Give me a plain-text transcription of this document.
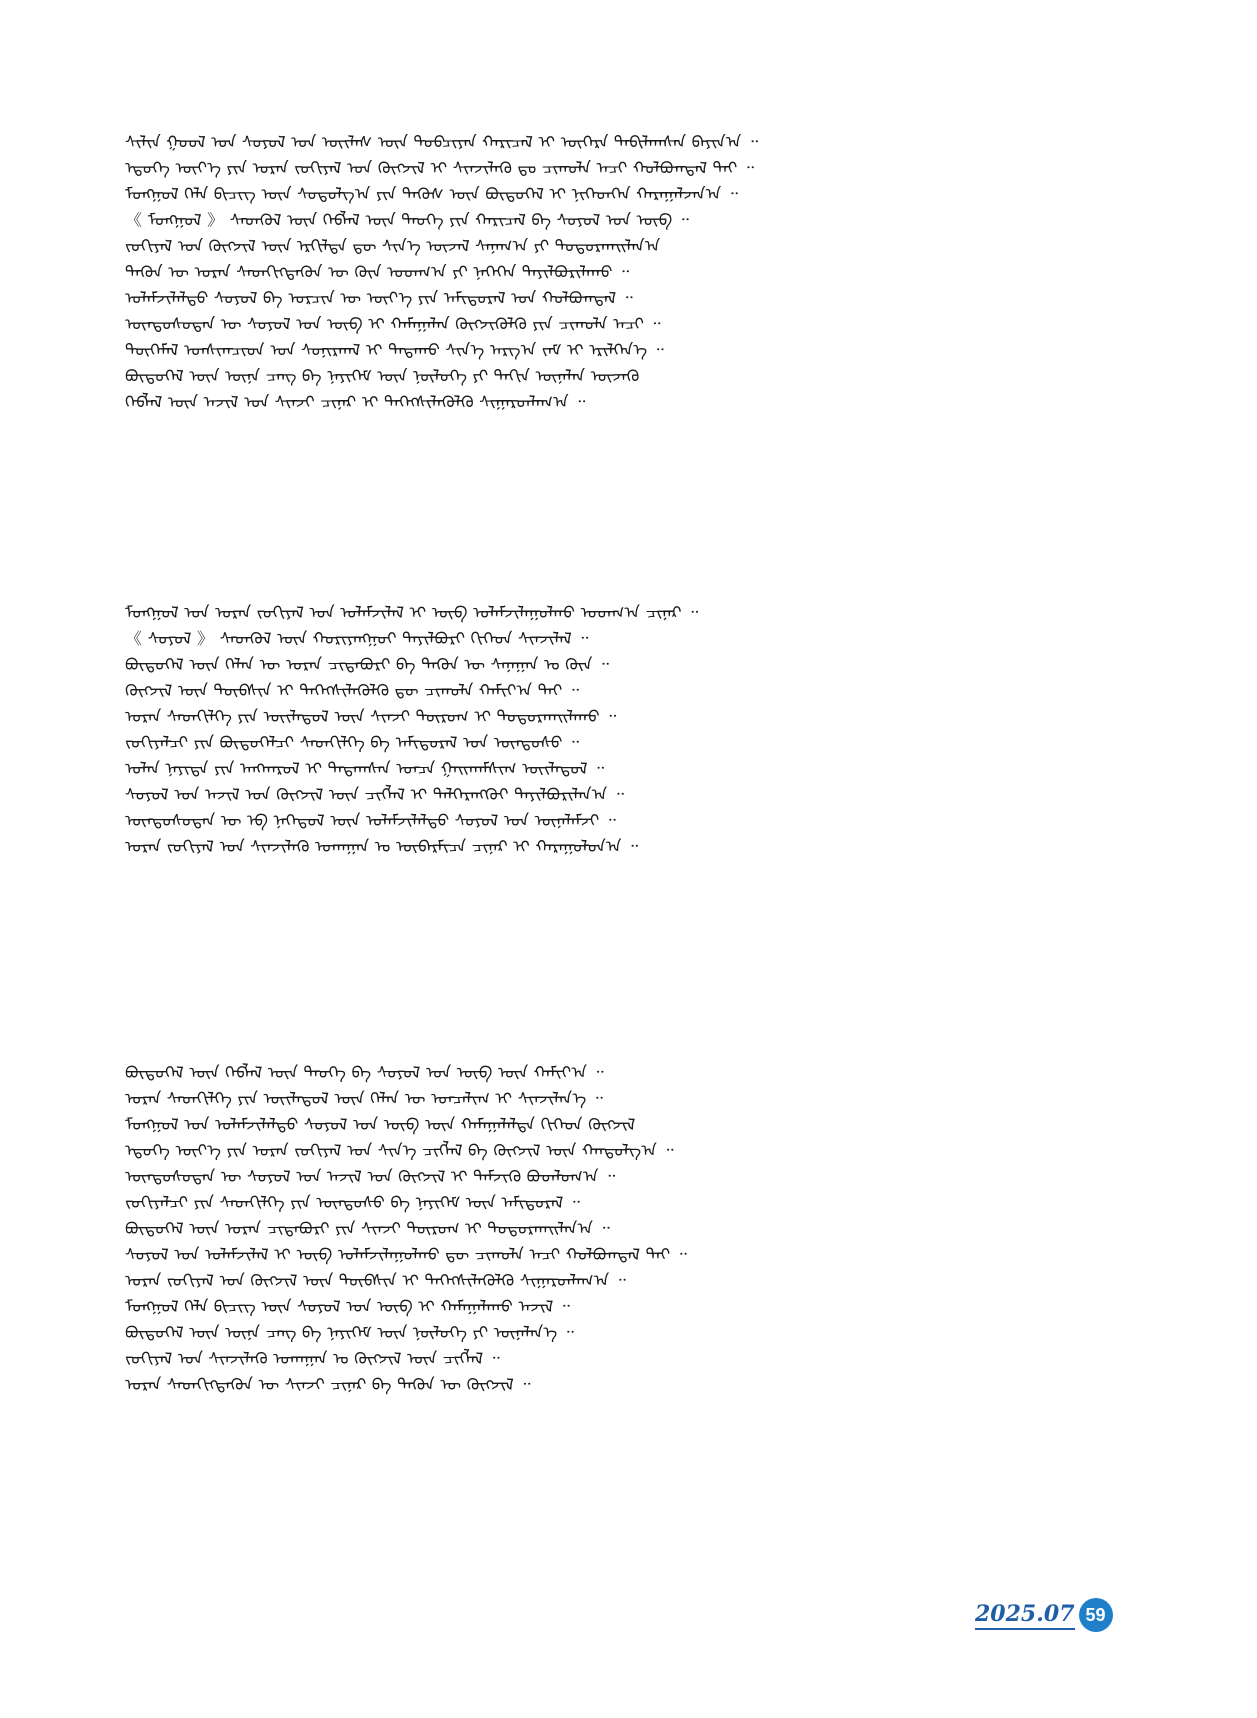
ᠰᠢᠯᠢᠨ ᠭᠣᠣᠯ ᠤᠨ ᠰᠣᠶᠣᠯ ᠤᠨ ᠦᠢᠯᠡᠰ ᠦᠨ ᠲᠣᠪᠴᠢᠶᠠᠨ ᠬᠠᠷᠢᠴᠠᠯ ᠢ ᠦᠭᠡᠷᠡ ᠲᠠᠪᠢᠯᠠᠭᠰᠠᠨ ᠪᠠᠶᠢᠨ᠎ᠠ ᠃
ᠡᠳᠦᠭᠡ ᠦᠶ᠎ᠡ ᠶᠢᠨ ᠤᠷᠠᠨ ᠵᠣᠬᠢᠶᠠᠯ ᠤᠨ ᠬᠥᠭᠵᠢᠯ ᠢ ᠰᠢᠨᠵᠢᠯᠡᠬᠦ ᠳᠤ ᠴᠢᠬᠤᠯᠠ ᠠᠴᠢ ᠬᠣᠯᠪᠣᠭᠳᠠᠯ ᠲᠠᠢ ᠃
ᠮᠣᠩᠭᠣᠯ ᠬᠡᠯᠡ ᠪᠢᠴᠢᠭ ᠦᠨ ᠰᠤᠳᠤᠯᠭ᠎ᠠ ᠶᠢᠨ ᠲᠡᠭᠦᠰ ᠦᠨ ᠪᠦᠲᠦᠭᠡᠯ ᠢ ᠨᠢᠭᠡᠳᠬᠡᠨ ᠬᠠᠷᠠᠭᠠᠯᠵᠠᠨ᠎ᠠ ᠃
《 ᠮᠣᠩᠭᠣᠯ 》 ᠰᠡᠳᠬᠦᠯ ᠦᠨ ᠬᠡᠪᠯᠡᠯ ᠦᠨ ᠲᠡᠦᠬᠡ ᠶᠢᠨ ᠬᠠᠷᠢᠴᠠᠯ ᠪᠠ ᠰᠣᠶᠣᠯ ᠤᠨ ᠥᠪ ᠃
ᠵᠣᠬᠢᠶᠠᠯ ᠤᠨ ᠬᠥᠭᠵᠢᠯ ᠦᠨ ᠡᠷᠭᠢᠯᠲᠡ ᠳᠦ ᠰᠢᠨ᠎ᠡ ᠦᠵᠡᠯ ᠰᠠᠨᠠᠭ᠎ᠠ ᠶᠢ ᠲᠣᠳᠤᠷᠬᠠᠢᠯᠠᠨ᠎ᠠ
ᠲᠡᠭᠦᠨ ᠦ ᠤᠷᠠᠨ ᠰᠡᠳᠬᠢᠭᠳᠡᠬᠦᠨ ᠦ ᠭᠦᠨ ᠤᠳᠬ᠎ᠠ ᠶᠢ ᠨᠡᠭᠡᠭᠡᠨ ᠲᠠᠶᠢᠯᠪᠤᠷᠢᠯᠠᠬᠤ ᠃
ᠤᠯᠠᠮᠵᠢᠯᠠᠯᠲᠤ ᠰᠣᠶᠣᠯ ᠪᠠ ᠣᠷᠴᠢᠨ ᠦ ᠦᠶ᠎ᠡ ᠶᠢᠨ ᠠᠮᠢᠳᠤᠷᠠᠯ ᠤᠨ ᠬᠣᠯᠪᠣᠭᠳᠠᠯ ᠃
ᠦᠨᠳᠦᠰᠦᠲᠡᠨ ᠦ ᠰᠣᠶᠣᠯ ᠤᠨ ᠥᠪ ᠢ ᠬᠠᠮᠠᠭᠠᠯᠠᠨ ᠬᠥᠭᠵᠢᠭᠦᠯᠬᠦ ᠶᠢᠨ ᠴᠢᠬᠤᠯᠠ ᠠᠴᠢ ᠃
ᠲᠦᠭᠡᠮᠡᠯ ᠤᠨᠰᠢᠭᠴᠢᠳ ᠤᠨ ᠰᠣᠨᠢᠷᠬᠠᠯ ᠢ ᠲᠠᠲᠠᠬᠤ ᠰᠢᠨ᠎ᠡ ᠠᠷᠭ᠎ᠠ ᠵᠠᠮ ᠢ ᠡᠷᠢᠯᠬᠡᠨ᠎ᠡ ᠃
ᠪᠦᠲᠦᠭᠡᠯ ᠦᠨ ᠦᠨᠡ ᠴᠡᠩ ᠪᠠ ᠨᠡᠶᠢᠭᠡᠮ ᠦᠨ ᠨᠥᠯᠥᠭᠡ ᠶᠢ ᠳᠠᠬᠢᠨ ᠦᠨᠡᠯᠡᠨ ᠦᠵᠡᠬᠦ
ᠬᠡᠪᠯᠡᠯ ᠦᠨ ᠠᠵᠢᠯ ᠤᠨ ᠰᠢᠨᠵᠢ ᠴᠢᠨᠠᠷ ᠢ ᠳᠡᠭᠡᠭᠰᠢᠯᠡᠭᠦᠯᠬᠦ ᠰᠢᠭᠠᠷᠳᠯᠠᠭ᠎ᠠ ᠃
ᠮᠣᠩᠭᠣᠯ ᠤᠨ ᠤᠷᠠᠨ ᠵᠣᠬᠢᠶᠠᠯ ᠤᠨ ᠤᠯᠠᠮᠵᠢᠯᠠᠯ ᠢ ᠥᠪ ᠤᠯᠠᠮᠵᠢᠯᠠᠭᠤᠯᠬᠤ ᠤᠳᠬ᠎ᠠ ᠴᠢᠨᠠᠷ ᠃
《 ᠰᠣᠶᠣᠯ 》 ᠰᠡᠳᠬᠦᠯ ᠦᠨ ᠬᠣᠷᠢᠶᠠᠩᠭᠤᠢ ᠲᠠᠶᠢᠯᠪᠤᠷᠢ ᠬᠢᠭᠡᠳ ᠰᠢᠨᠵᠢᠯᠡᠯ ᠃
ᠪᠦᠲᠦᠭᠡᠯ ᠦᠨ ᠬᠡᠯᠡᠨ ᠦ ᠤᠷᠠᠨ ᠴᠢᠳᠠᠪᠤᠷᠢ ᠪᠠ ᠲᠡᠭᠦᠨ ᠦ ᠰᠠᠨᠠᠭᠠᠨ ᠤ ᠭᠦᠨ ᠃
ᠬᠥᠭᠵᠢᠯ ᠦᠨ ᠲᠦᠪᠰᠢᠨ ᠢ ᠳᠡᠭᠡᠭᠰᠢᠯᠡᠭᠦᠯᠬᠦ ᠳᠦ ᠴᠢᠬᠤᠯᠠ ᠬᠠᠮᠢᠶ᠎ᠠ ᠲᠠᠢ ᠃
ᠤᠷᠠᠨ ᠰᠡᠳᠬᠢᠯᠭᠡ ᠶᠢᠨ ᠦᠢᠯᠡᠳᠦᠯ ᠦᠨ ᠰᠢᠨᠵᠢ ᠲᠥᠷᠦᠬ ᠢ ᠲᠣᠳᠤᠷᠬᠠᠢᠯᠠᠬᠤ ᠃
ᠵᠣᠬᠢᠶᠠᠯᠴᠢ ᠶᠢᠨ ᠪᠦᠲᠦᠭᠡᠯᠴᠢ ᠰᠡᠳᠬᠢᠯᠭᠡ ᠪᠠ ᠠᠮᠢᠳᠤᠷᠠᠯ ᠤᠨ ᠦᠨᠳᠦᠰᠦ ᠃
ᠣᠯᠠᠨ ᠨᠡᠶᠢᠲᠡ ᠶᠢᠨ ᠠᠩᠬᠠᠷᠤᠯ ᠢ ᠲᠠᠲᠠᠭᠰᠠᠨ ᠣᠨᠴᠠ ᠭᠠᠢᠬᠠᠮᠰᠢᠭ ᠦᠢᠯᠡᠳᠦᠯ ᠃
ᠰᠣᠶᠣᠯ ᠤᠨ ᠠᠵᠢᠯ ᠤᠨ ᠬᠥᠭᠵᠢᠯ ᠦᠨ ᠴᠢᠭᠯᠡᠯ ᠢ ᠳᠡᠯᠭᠡᠷᠡᠩᠭᠦᠢ ᠲᠠᠶᠢᠯᠪᠤᠷᠢᠯᠠᠨ᠎ᠠ ᠃
ᠦᠨᠳᠦᠰᠦᠲᠡᠨ ᠦ ᠡᠪ ᠨᠡᠭᠡᠳᠦᠯ ᠦᠨ ᠤᠯᠠᠮᠵᠢᠯᠠᠯᠲᠤ ᠰᠣᠶᠣᠯ ᠤᠨ ᠦᠨᠡᠯᠡᠮᠵᠢ ᠃
ᠤᠷᠠᠨ ᠵᠣᠬᠢᠶᠠᠯ ᠤᠨ ᠰᠢᠨᠵᠢᠯᠡᠬᠦ ᠤᠬᠠᠭᠠᠨ ᠤ ᠥᠪᠡᠷᠮᠢᠴᠡ ᠴᠢᠨᠠᠷ ᠢ ᠬᠠᠷᠠᠭᠤᠯᠤᠨ᠎ᠠ ᠃
ᠪᠦᠲᠦᠭᠡᠯ ᠦᠨ ᠬᠡᠪᠯᠡᠯ ᠦᠨ ᠲᠡᠦᠬᠡ ᠪᠠ ᠰᠣᠶᠣᠯ ᠤᠨ ᠥᠪ ᠦᠨ ᠬᠠᠮᠢᠶ᠎ᠠ ᠃
ᠤᠷᠠᠨ ᠰᠡᠳᠬᠢᠯᠭᠡ ᠶᠢᠨ ᠦᠢᠯᠡᠳᠦᠯ ᠦᠨ ᠬᠡᠯᠡᠨ ᠦ ᠤᠨᠴᠠᠯᠢᠭ ᠢ ᠰᠢᠨᠵᠢᠯᠡᠨ᠎ᠡ ᠃
ᠮᠣᠩᠭᠣᠯ ᠤᠨ ᠤᠯᠠᠮᠵᠢᠯᠠᠯᠲᠤ ᠰᠣᠶᠣᠯ ᠤᠨ ᠥᠪ ᠦᠨ ᠬᠠᠮᠠᠭᠠᠯᠠᠯᠲᠠ ᠬᠢᠭᠡᠳ ᠬᠥᠭᠵᠢᠯ
ᠡᠳᠦᠭᠡ ᠦᠶ᠎ᠡ ᠶᠢᠨ ᠤᠷᠠᠨ ᠵᠣᠬᠢᠶᠠᠯ ᠤᠨ ᠰᠢᠨ᠎ᠡ ᠴᠢᠭᠯᠡᠯ ᠪᠠ ᠬᠥᠭᠵᠢᠯ ᠦᠨ ᠬᠠᠨᠳᠤᠯᠭ᠎ᠠ ᠃
ᠦᠨᠳᠦᠰᠦᠲᠡᠨ ᠦ ᠰᠣᠶᠣᠯ ᠤᠨ ᠠᠵᠢᠯ ᠤᠨ ᠬᠥᠭᠵᠢᠯ ᠢ ᠳᠡᠮᠵᠢᠬᠦ ᠪᠣᠳᠯᠣᠭ᠎ᠠ ᠃
ᠵᠣᠬᠢᠶᠠᠯᠴᠢ ᠶᠢᠨ ᠰᠡᠳᠬᠢᠯᠭᠡ ᠶᠢᠨ ᠦᠨᠳᠦᠰᠦ ᠪᠠ ᠨᠡᠶᠢᠭᠡᠮ ᠦᠨ ᠠᠮᠢᠳᠤᠷᠠᠯ ᠃
ᠪᠦᠲᠦᠭᠡᠯ ᠦᠨ ᠤᠷᠠᠨ ᠴᠢᠳᠠᠪᠤᠷᠢ ᠶᠢᠨ ᠰᠢᠨᠵᠢ ᠲᠥᠷᠦᠬ ᠢ ᠲᠣᠳᠤᠷᠬᠠᠢᠯᠠᠨ᠎ᠠ ᠃
ᠰᠣᠶᠣᠯ ᠤᠨ ᠤᠯᠠᠮᠵᠢᠯᠠᠯ ᠢ ᠥᠪ ᠤᠯᠠᠮᠵᠢᠯᠠᠭᠤᠯᠬᠤ ᠳᠦ ᠴᠢᠬᠤᠯᠠ ᠠᠴᠢ ᠬᠣᠯᠪᠣᠭᠳᠠᠯ ᠲᠠᠢ ᠃
ᠤᠷᠠᠨ ᠵᠣᠬᠢᠶᠠᠯ ᠤᠨ ᠬᠥᠭᠵᠢᠯ ᠦᠨ ᠲᠦᠪᠰᠢᠨ ᠢ ᠳᠡᠭᠡᠭᠰᠢᠯᠡᠭᠦᠯᠬᠦ ᠰᠢᠭᠠᠷᠳᠯᠠᠭ᠎ᠠ ᠃
ᠮᠣᠩᠭᠣᠯ ᠬᠡᠯᠡ ᠪᠢᠴᠢᠭ ᠦᠨ ᠰᠣᠶᠣᠯ ᠤᠨ ᠥᠪ ᠢ ᠬᠠᠮᠠᠭᠠᠯᠠᠬᠤ ᠠᠵᠢᠯ ᠃
ᠪᠦᠲᠦᠭᠡᠯ ᠦᠨ ᠦᠨᠡ ᠴᠡᠩ ᠪᠠ ᠨᠡᠶᠢᠭᠡᠮ ᠦᠨ ᠨᠥᠯᠥᠭᠡ ᠶᠢ ᠦᠨᠡᠯᠡᠨ᠎ᠡ ᠃
ᠵᠣᠬᠢᠶᠠᠯ ᠤᠨ ᠰᠢᠨᠵᠢᠯᠡᠬᠦ ᠤᠬᠠᠭᠠᠨ ᠤ ᠬᠥᠭᠵᠢᠯ ᠦᠨ ᠴᠢᠭᠯᠡᠯ ᠃
ᠤᠷᠠᠨ ᠰᠡᠳᠬᠢᠭᠳᠡᠬᠦᠨ ᠦ ᠰᠢᠨᠵᠢ ᠴᠢᠨᠠᠷ ᠪᠠ ᠲᠡᠭᠦᠨ ᠦ ᠬᠥᠭᠵᠢᠯ ᠃
2025.07 59
